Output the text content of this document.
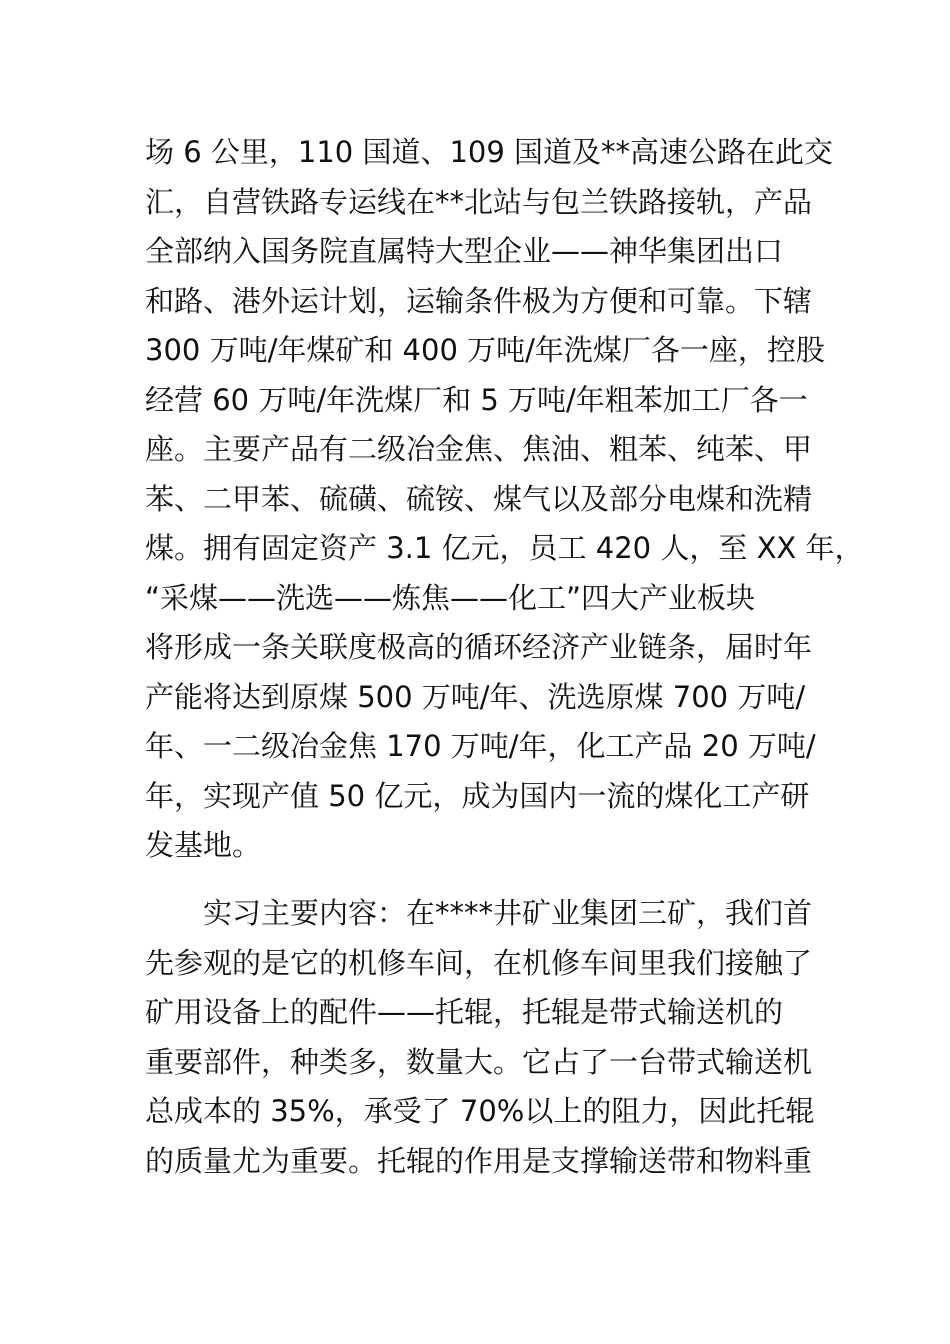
场 6 公里，110 国道、109 国道及**高速公路在此交
汇，自营铁路专运线在**北站与包兰铁路接轨，产品
全部纳入国务院直属特大型企业——神华集团出口
和路、港外运计划，运输条件极为方便和可靠。下辖
300 万吨/年煤矿和 400 万吨/年洗煤厂各一座，控股
经营 60 万吨/年洗煤厂和 5 万吨/年粗苯加工厂各一
座。主要产品有二级冶金焦、焦油、粗苯、纯苯、甲
苯、二甲苯、硫磺、硫铵、煤气以及部分电煤和洗精
煤。拥有固定资产 3.1 亿元，员工 420 人，至 XX 年，
“采煤——洗选——炼焦——化工”四大产业板块
将形成一条关联度极高的循环经济产业链条，届时年
产能将达到原煤 500 万吨/年、洗选原煤 700 万吨/
年、一二级冶金焦 170 万吨/年，化工产品 20 万吨/
年，实现产值 50 亿元，成为国内一流的煤化工产研
发基地。
实习主要内容：在****井矿业集团三矿，我们首
先参观的是它的机修车间，在机修车间里我们接触了
矿用设备上的配件——托辊，托辊是带式输送机的
重要部件，种类多，数量大。它占了一台带式输送机
总成本的 35%，承受了 70%以上的阻力，因此托辊
的质量尤为重要。托辊的作用是支撑输送带和物料重
